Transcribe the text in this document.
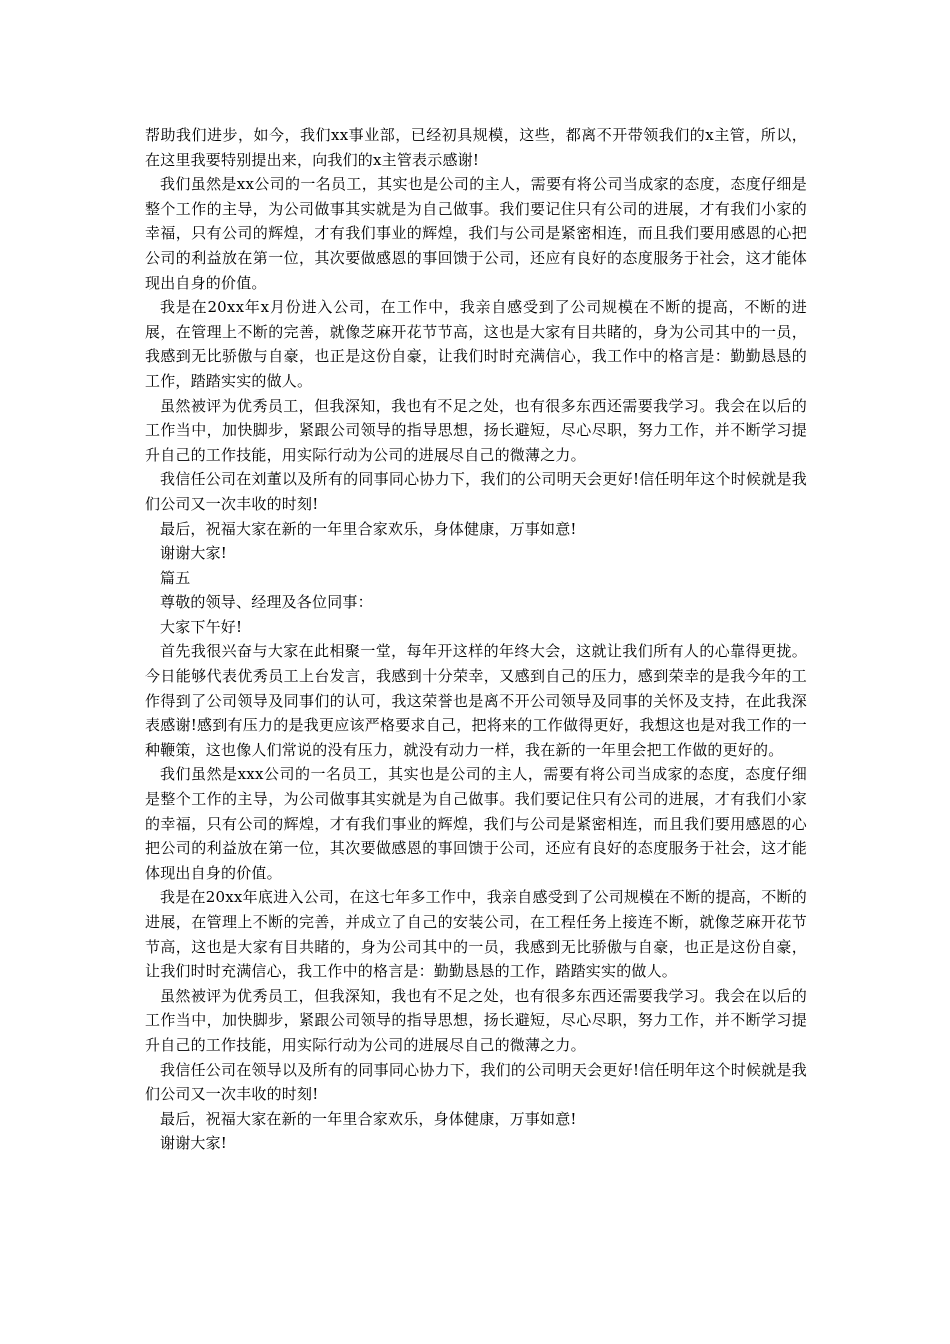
帮助我们进步，如今，我们xx事业部，已经初具规模，这些，都离不开带领我们的x主管，所以，在这里我要特别提出来，向我们的x主管表示感谢!

我们虽然是xx公司的一名员工，其实也是公司的主人，需要有将公司当成家的态度，态度仔细是整个工作的主导，为公司做事其实就是为自己做事。我们要记住只有公司的进展，才有我们小家的幸福，只有公司的辉煌，才有我们事业的辉煌，我们与公司是紧密相连，而且我们要用感恩的心把公司的利益放在第一位，其次要做感恩的事回馈于公司，还应有良好的态度服务于社会，这才能体现出自身的价值。

我是在20xx年x月份进入公司，在工作中，我亲自感受到了公司规模在不断的提高，不断的进展，在管理上不断的完善，就像芝麻开花节节高，这也是大家有目共睹的，身为公司其中的一员，我感到无比骄傲与自豪，也正是这份自豪，让我们时时充满信心，我工作中的格言是：勤勤恳恳的工作，踏踏实实的做人。

虽然被评为优秀员工，但我深知，我也有不足之处，也有很多东西还需要我学习。我会在以后的工作当中，加快脚步，紧跟公司领导的指导思想，扬长避短，尽心尽职，努力工作，并不断学习提升自己的工作技能，用实际行动为公司的进展尽自己的微薄之力。

我信任公司在刘董以及所有的同事同心协力下，我们的公司明天会更好!信任明年这个时候就是我们公司又一次丰收的时刻!

最后，祝福大家在新的一年里合家欢乐，身体健康，万事如意!

谢谢大家!

篇五

尊敬的领导、经理及各位同事：

大家下午好!

首先我很兴奋与大家在此相聚一堂，每年开这样的年终大会，这就让我们所有人的心靠得更拢。今日能够代表优秀员工上台发言，我感到十分荣幸，又感到自己的压力，感到荣幸的是我今年的工作得到了公司领导及同事们的认可，我这荣誉也是离不开公司领导及同事的关怀及支持，在此我深表感谢!感到有压力的是我更应该严格要求自己，把将来的工作做得更好，我想这也是对我工作的一种鞭策，这也像人们常说的没有压力，就没有动力一样，我在新的一年里会把工作做的更好的。

我们虽然是xxx公司的一名员工，其实也是公司的主人，需要有将公司当成家的态度，态度仔细是整个工作的主导，为公司做事其实就是为自己做事。我们要记住只有公司的进展，才有我们小家的幸福，只有公司的辉煌，才有我们事业的辉煌，我们与公司是紧密相连，而且我们要用感恩的心把公司的利益放在第一位，其次要做感恩的事回馈于公司，还应有良好的态度服务于社会，这才能体现出自身的价值。

我是在20xx年底进入公司，在这七年多工作中，我亲自感受到了公司规模在不断的提高，不断的进展，在管理上不断的完善，并成立了自己的安装公司，在工程任务上接连不断，就像芝麻开花节节高，这也是大家有目共睹的，身为公司其中的一员，我感到无比骄傲与自豪，也正是这份自豪，让我们时时充满信心，我工作中的格言是：勤勤恳恳的工作，踏踏实实的做人。

虽然被评为优秀员工，但我深知，我也有不足之处，也有很多东西还需要我学习。我会在以后的工作当中，加快脚步，紧跟公司领导的指导思想，扬长避短，尽心尽职，努力工作，并不断学习提升自己的工作技能，用实际行动为公司的进展尽自己的微薄之力。

我信任公司在领导以及所有的同事同心协力下，我们的公司明天会更好!信任明年这个时候就是我们公司又一次丰收的时刻!

最后，祝福大家在新的一年里合家欢乐，身体健康，万事如意!

谢谢大家!
